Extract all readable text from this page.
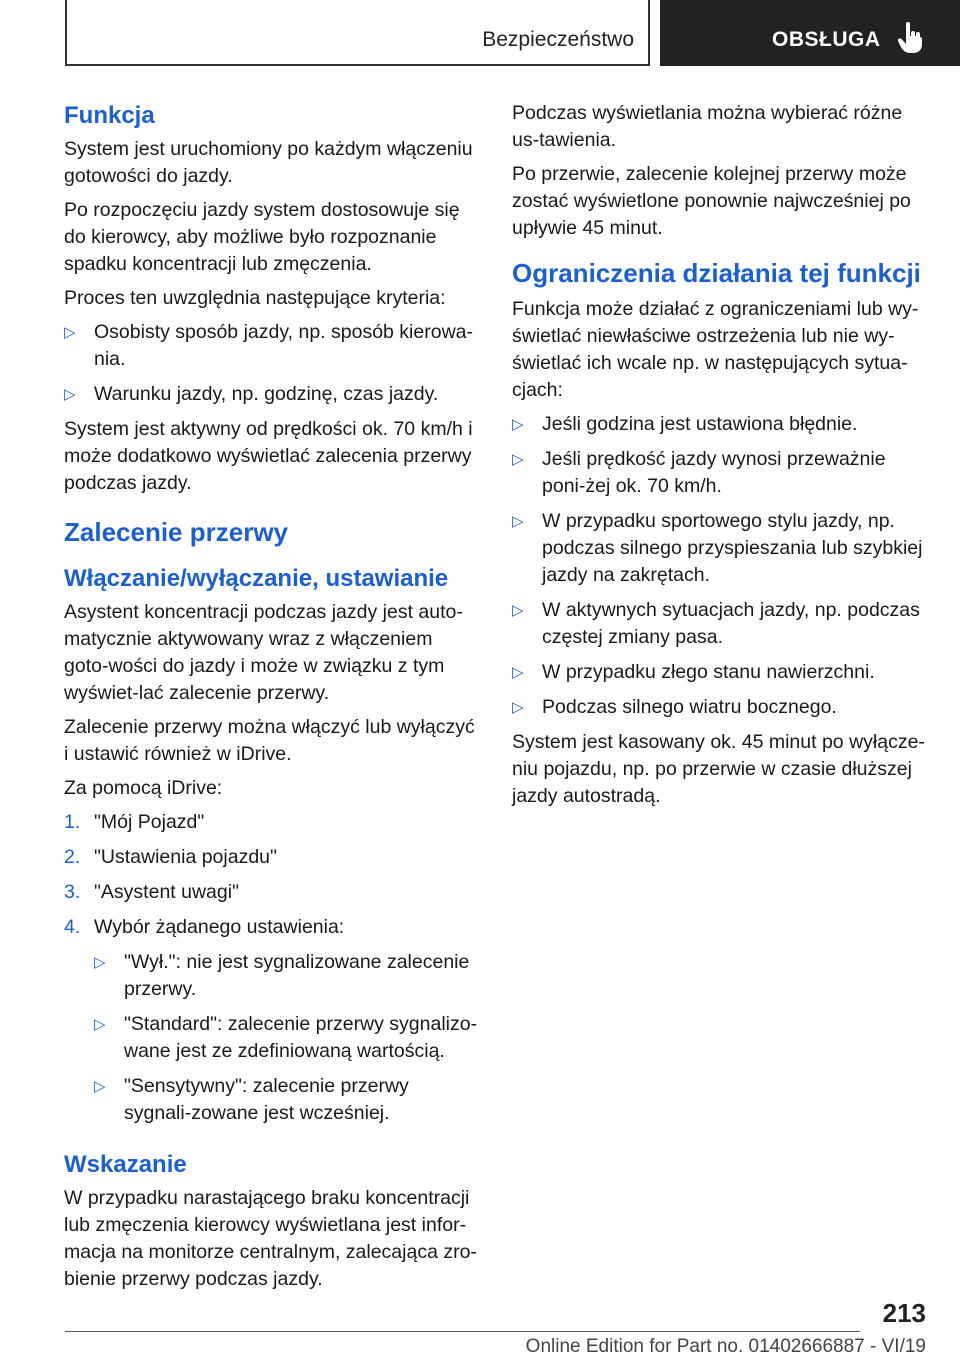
Bezpieczeństwo	OBSŁUGA
Funkcja

System jest uruchomiony po każdym włączeniu gotowości do jazdy.

Po rozpoczęciu jazdy system dostosowuje się do kierowcy, aby możliwe było rozpoznanie spadku koncentracji lub zmęczenia.

Proces ten uwzględnia następujące kryteria:

▷ Osobisty sposób jazdy, np. sposób kierowa‐nia.
▷ Warunku jazdy, np. godzinę, czas jazdy.

System jest aktywny od prędkości ok. 70 km/h i może dodatkowo wyświetlać zalecenia przerwy podczas jazdy.

Zalecenie przerwy
Włączanie/wyłączanie, ustawianie

Asystent koncentracji podczas jazdy jest auto‐matycznie aktywowany wraz z włączeniem goto‐wości do jazdy i może w związku z tym wyświet‐lać zalecenie przerwy.

Zalecenie przerwy można włączyć lub wyłączyć i ustawić również w iDrive.

Za pomocą iDrive:

1. "Mój Pojazd"
2. "Ustawienia pojazdu"
3. "Asystent uwagi"
4. Wybór żądanego ustawienia:
▷ "Wył.": nie jest sygnalizowane zalecenie przerwy.
▷ "Standard": zalecenie przerwy sygnalizo‐wane jest ze zdefiniowaną wartością.
▷ "Sensytywny": zalecenie przerwy sygnali‐zowane jest wcześniej.
Wskazanie

W przypadku narastającego braku koncentracji lub zmęczenia kierowcy wyświetlana jest infor‐macja na monitorze centralnym, zalecająca zro‐bienie przerwy podczas jazdy.

Podczas wyświetlania można wybierać różne us‐tawienia.

Po przerwie, zalecenie kolejnej przerwy może zostać wyświetlone ponownie najwcześniej po upływie 45 minut.

Ograniczenia działania tej funkcji

Funkcja może działać z ograniczeniami lub wy‐świetlać niewłaściwe ostrzeżenia lub nie wy‐świetlać ich wcale np. w następujących sytua‐cjach:

▷ Jeśli godzina jest ustawiona błędnie.
▷ Jeśli prędkość jazdy wynosi przeważnie poni‐żej ok. 70 km/h.
▷ W przypadku sportowego stylu jazdy, np. podczas silnego przyspieszania lub szybkiej jazdy na zakrętach.
▷ W aktywnych sytuacjach jazdy, np. podczas częstej zmiany pasa.
▷ W przypadku złego stanu nawierzchni.
▷ Podczas silnego wiatru bocznego.

System jest kasowany ok. 45 minut po wyłącze‐niu pojazdu, np. po przerwie w czasie dłuższej jazdy autostradą.

213
Online Edition for Part no. 01402666887 - VI/19
